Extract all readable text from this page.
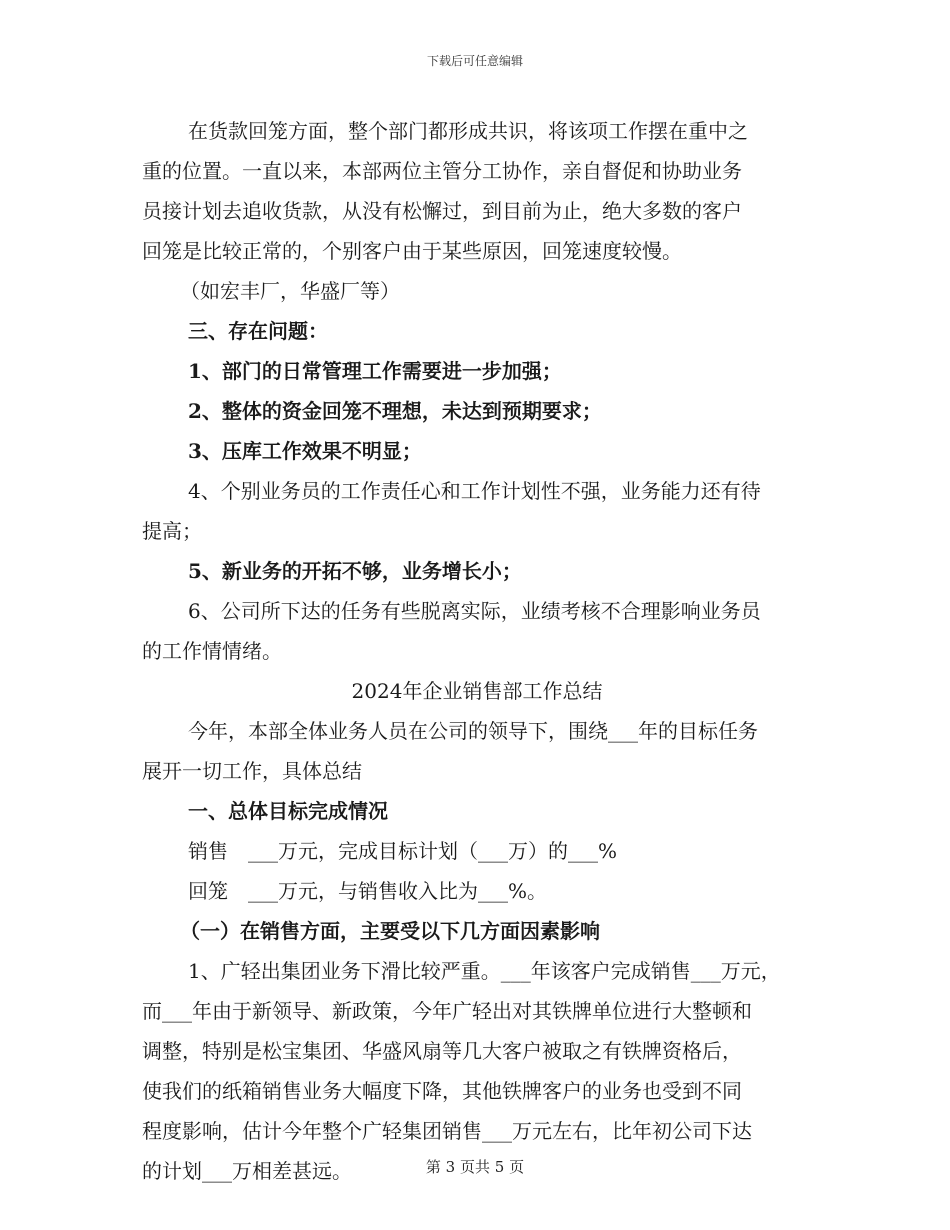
下载后可任意编辑
在货款回笼方面，整个部门都形成共识，将该项工作摆在重中之
重的位置。一直以来，本部两位主管分工协作，亲自督促和协助业务
员接计划去追收货款，从没有松懈过，到目前为止，绝大多数的客户
回笼是比较正常的，个别客户由于某些原因，回笼速度较慢。
（如宏丰厂，华盛厂等）
三、存在问题：
1、部门的日常管理工作需要进一步加强；
2、整体的资金回笼不理想，未达到预期要求；
3、压库工作效果不明显；
4、个别业务员的工作责任心和工作计划性不强，业务能力还有待
提高；
5、新业务的开拓不够，业务增长小；
6、公司所下达的任务有些脱离实际，业绩考核不合理影响业务员
的工作情情绪。
2024年企业销售部工作总结
今年，本部全体业务人员在公司的领导下，围绕___年的目标任务
展开一切工作，具体总结
一、总体目标完成情况
销售　___万元，完成目标计划（___万）的___%
回笼　___万元，与销售收入比为___%。
（一）在销售方面，主要受以下几方面因素影响
1、广轻出集团业务下滑比较严重。___年该客户完成销售___万元，
而___年由于新领导、新政策，今年广轻出对其铁牌单位进行大整顿和
调整，特别是松宝集团、华盛风扇等几大客户被取之有铁牌资格后，
使我们的纸箱销售业务大幅度下降，其他铁牌客户的业务也受到不同
程度影响，估计今年整个广轻集团销售___万元左右，比年初公司下达
的计划___万相差甚远。	第 3 页共 5 页
